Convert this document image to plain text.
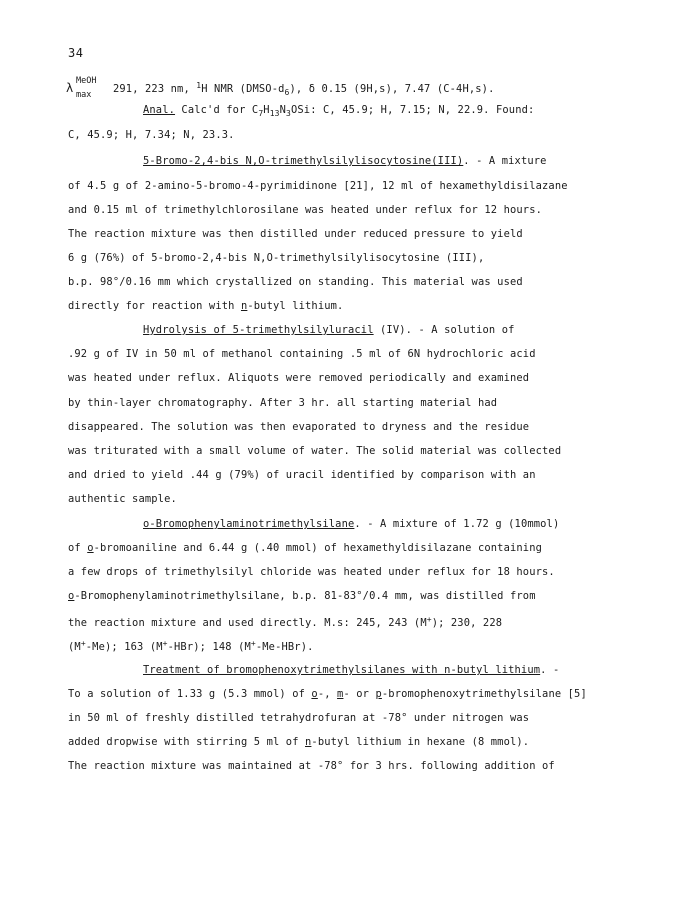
34
λ MeOH
max 291, 223 nm, $^1$H NMR $(DMSO-d_6)$, δ 0.15 (9H,s), 7.47 (C-4H,s).
Anal. Calc'd for $C_7H_{13}N_3OSi$: C, 45.9; H, 7.15; N, 22.9. Found:
C, 45.9; H, 7.34; N, 23.3.
5-Bromo-2,4-bis N,O-trimethylsilylisocytosine(III). - A mixture
of 4.5 g of 2-amino-5-bromo-4-pyrimidinone [21], 12 ml of hexamethyldisilazane
and 0.15 ml of trimethylchlorosilane was heated under reflux for 12 hours.
The reaction mixture was then distilled under reduced pressure to yield
6 g (76%) of 5-bromo-2,4-bis N,O-trimethylsilylisocytosine (III),
b.p. 98°/0.16 mm which crystallized on standing. This material was used
directly for reaction with n-butyl lithium.
Hydrolysis of 5-trimethylsilyluracil (IV). - A solution of
.92 g of IV in 50 ml of methanol containing .5 ml of 6N hydrochloric acid
was heated under reflux. Aliquots were removed periodically and examined
by thin-layer chromatography. After 3 hr. all starting material had
disappeared. The solution was then evaporated to dryness and the residue
was triturated with a small volume of water. The solid material was collected
and dried to yield .44 g (79%) of uracil identified by comparison with an
authentic sample.
o-Bromophenylaminotrimethylsilane. - A mixture of 1.72 g (10mmol)
of o-bromoaniline and 6.44 g (.40 mmol) of hexamethyldisilazane containing
a few drops of trimethylsilyl chloride was heated under reflux for 18 hours.
o-Bromophenylaminotrimethylsilane, b.p. 81-83°/0.4 mm, was distilled from
the reaction mixture and used directly. M.s: 245, 243 (M+); 230, 228
(M+-Me); 163 (M+-HBr); 148 (M+-Me-HBr).
Treatment of bromophenoxytrimethylsilanes with n-butyl lithium. -
To a solution of 1.33 g (5.3 mmol) of o-, m- or p-bromophenoxytrimethylsilane [5]
in 50 ml of freshly distilled tetrahydrofuran at -78° under nitrogen was
added dropwise with stirring 5 ml of n-butyl lithium in hexane (8 mmol).
The reaction mixture was maintained at -78° for 3 hrs. following addition of
